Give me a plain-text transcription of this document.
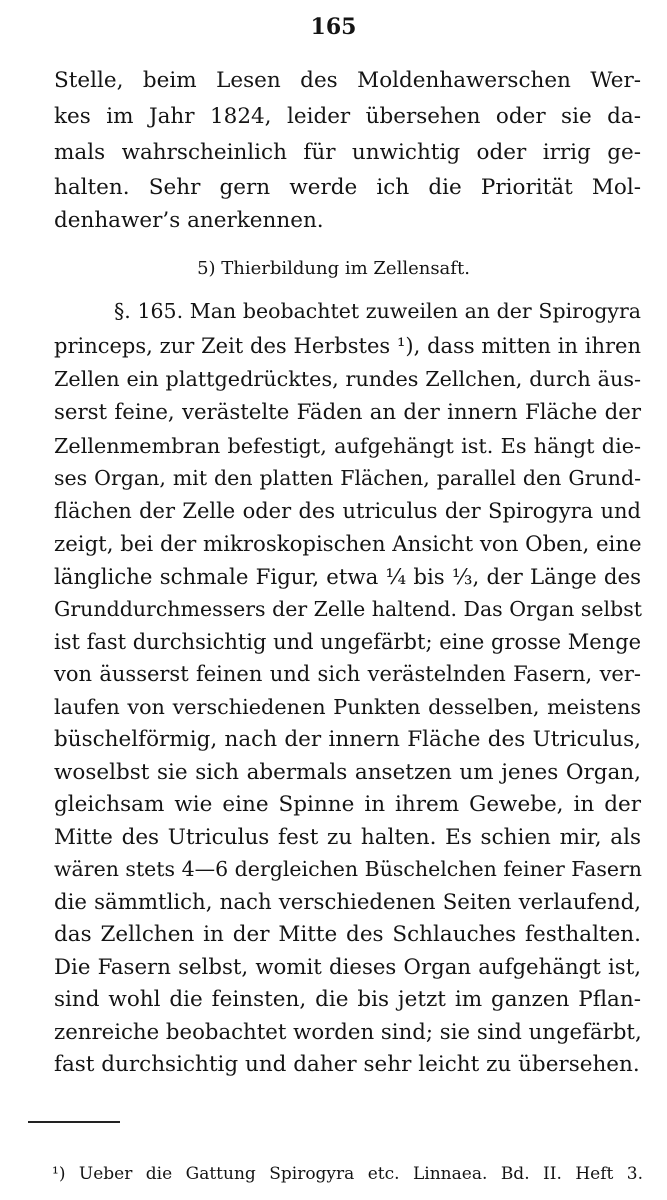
165
Stelle, beim Lesen des Moldenhawerschen Wer-
kes im Jahr 1824, leider übersehen oder sie da-
mals wahrscheinlich für unwichtig oder irrig ge-
halten. Sehr gern werde ich die Priorität Mol-
denhawer’s anerkennen.
5) Thierbildung im Zellensaft.
§. 165. Man beobachtet zuweilen an der Spirogyra
princeps, zur Zeit des Herbstes ¹), dass mitten in ihren
Zellen ein plattgedrücktes, rundes Zellchen, durch äus-
serst feine, verästelte Fäden an der innern Fläche der
Zellenmembran befestigt, aufgehängt ist. Es hängt die-
ses Organ, mit den platten Flächen, parallel den Grund-
flächen der Zelle oder des utriculus der Spirogyra und
zeigt, bei der mikroskopischen Ansicht von Oben, eine
längliche schmale Figur, etwa ¼ bis ⅓, der Länge des
Grunddurchmessers der Zelle haltend. Das Organ selbst
ist fast durchsichtig und ungefärbt; eine grosse Menge
von äusserst feinen und sich verästelnden Fasern, ver-
laufen von verschiedenen Punkten desselben, meistens
büschelförmig, nach der innern Fläche des Utriculus,
woselbst sie sich abermals ansetzen um jenes Organ,
gleichsam wie eine Spinne in ihrem Gewebe, in der
Mitte des Utriculus fest zu halten. Es schien mir, als
wären stets 4—6 dergleichen Büschelchen feiner Fasern
die sämmtlich, nach verschiedenen Seiten verlaufend,
das Zellchen in der Mitte des Schlauches festhalten.
Die Fasern selbst, womit dieses Organ aufgehängt ist,
sind wohl die feinsten, die bis jetzt im ganzen Pflan-
zenreiche beobachtet worden sind; sie sind ungefärbt,
fast durchsichtig und daher sehr leicht zu übersehen.
¹) Ueber die Gattung Spirogyra etc. Linnaea. Bd. II. Heft 3.
